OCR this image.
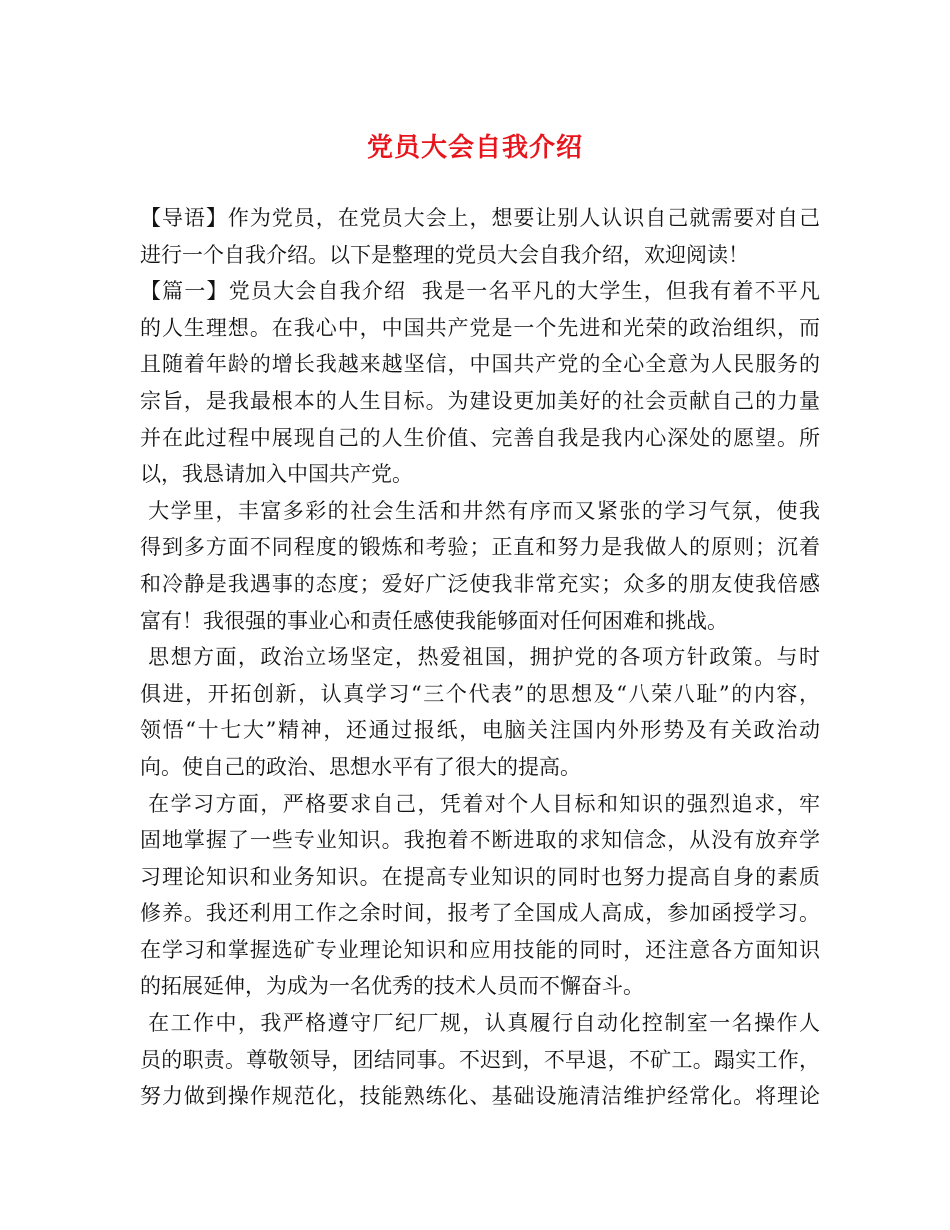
党员大会自我介绍
【导语】作为党员，在党员大会上，想要让别人认识自己就需要对自己
进行一个自我介绍。以下是整理的党员大会自我介绍，欢迎阅读！
【篇一】党员大会自我介绍  我是一名平凡的大学生，但我有着不平凡
的人生理想。在我心中，中国共产党是一个先进和光荣的政治组织，而
且随着年龄的增长我越来越坚信，中国共产党的全心全意为人民服务的
宗旨，是我最根本的人生目标。为建设更加美好的社会贡献自己的力量
并在此过程中展现自己的人生价值、完善自我是我内心深处的愿望。所
以，我恳请加入中国共产党。
大学里，丰富多彩的社会生活和井然有序而又紧张的学习气氛，使我
得到多方面不同程度的锻炼和考验；正直和努力是我做人的原则；沉着
和冷静是我遇事的态度；爱好广泛使我非常充实；众多的朋友使我倍感
富有！我很强的事业心和责任感使我能够面对任何困难和挑战。
思想方面，政治立场坚定，热爱祖国，拥护党的各项方针政策。与时
俱进，开拓创新，认真学习“三个代表”的思想及“八荣八耻”的内容，
领悟“十七大”精神，还通过报纸，电脑关注国内外形势及有关政治动
向。使自己的政治、思想水平有了很大的提高。
在学习方面，严格要求自己，凭着对个人目标和知识的强烈追求，牢
固地掌握了一些专业知识。我抱着不断进取的求知信念，从没有放弃学
习理论知识和业务知识。在提高专业知识的同时也努力提高自身的素质
修养。我还利用工作之余时间，报考了全国成人高成，参加函授学习。
在学习和掌握选矿专业理论知识和应用技能的同时，还注意各方面知识
的拓展延伸，为成为一名优秀的技术人员而不懈奋斗。
在工作中，我严格遵守厂纪厂规，认真履行自动化控制室一名操作人
员的职责。尊敬领导，团结同事。不迟到，不早退，不矿工。蹋实工作，
努力做到操作规范化，技能熟练化、基础设施清洁维护经常化。将理论
